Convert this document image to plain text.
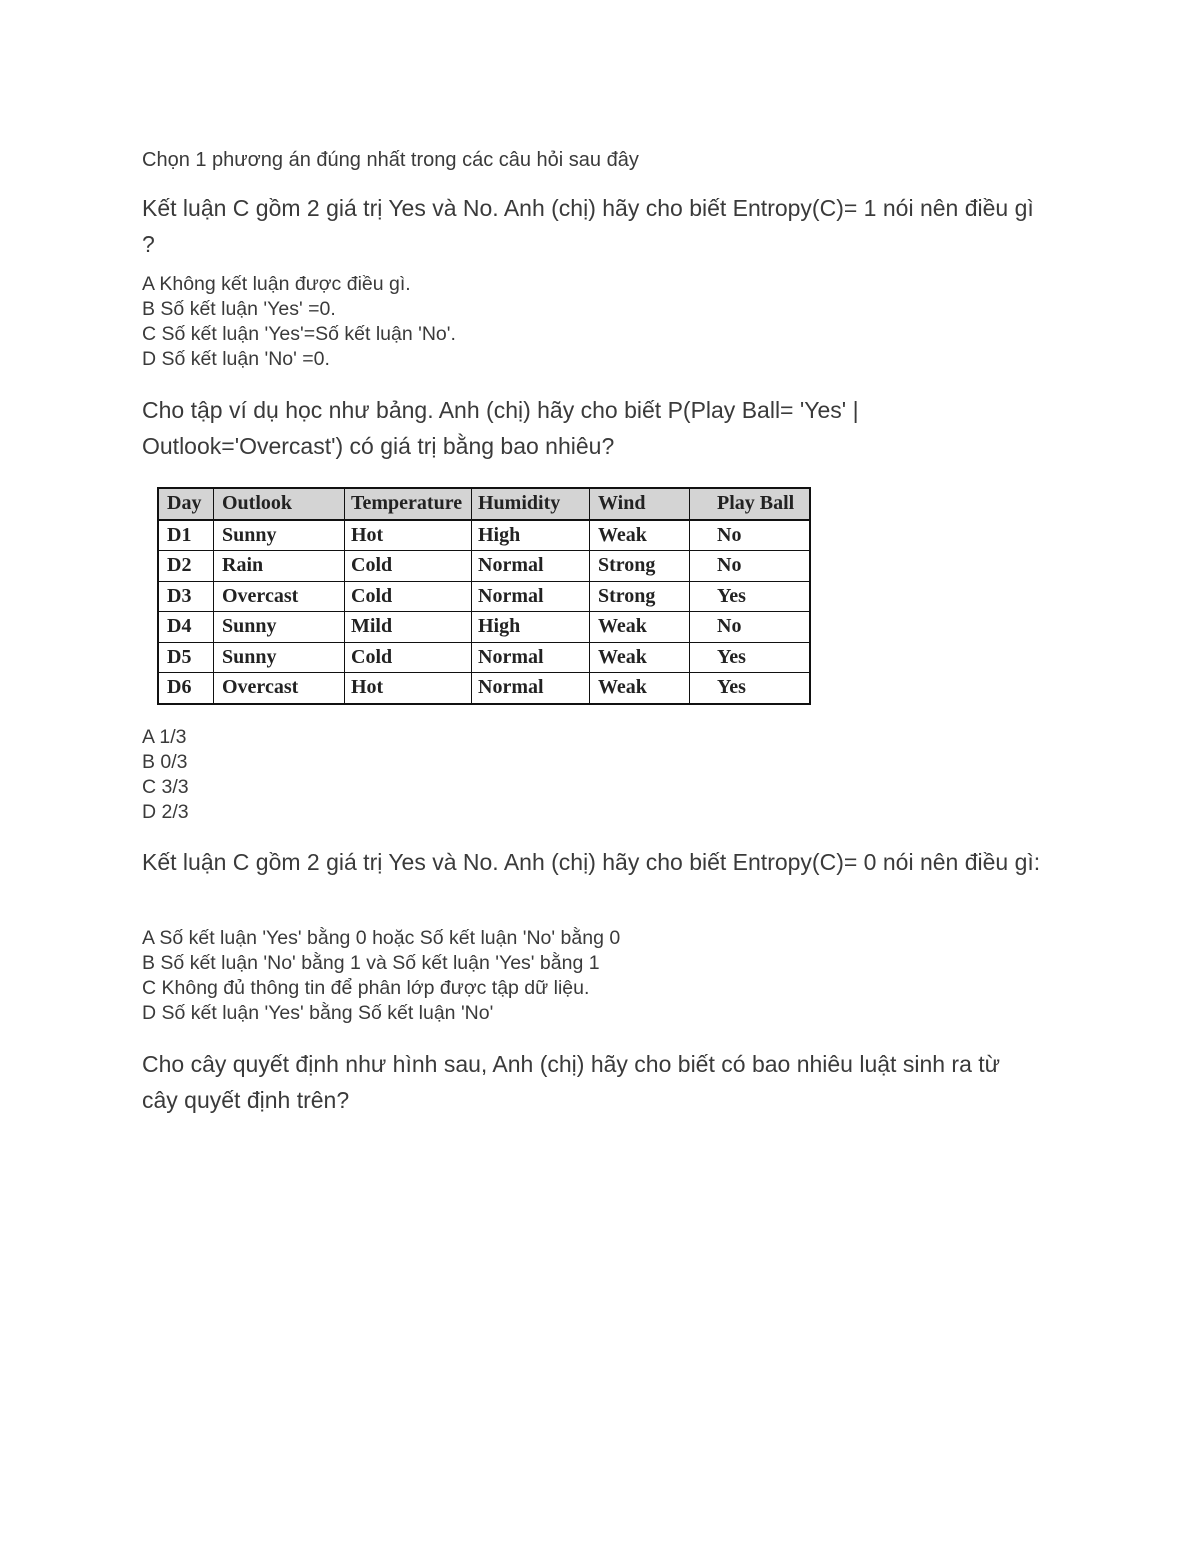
Chọn 1 phương án đúng nhất trong các câu hỏi sau đây

Kết luận C gồm 2 giá trị Yes và No. Anh (chị) hãy cho biết Entropy(C)= 1 nói nên điều gì ?

A Không kết luận được điều gì.
B Số kết luận 'Yes' =0.
C Số kết luận 'Yes'=Số kết luận 'No'.
D Số kết luận 'No' =0.

Cho tập ví dụ học như bảng. Anh (chị) hãy cho biết P(Play Ball= 'Yes' | Outlook='Overcast') có giá trị bằng bao nhiêu?

Day	Outlook	Temperature	Humidity	Wind	Play Ball
D1	Sunny	Hot	High	Weak	No
D2	Rain	Cold	Normal	Strong	No
D3	Overcast	Cold	Normal	Strong	Yes
D4	Sunny	Mild	High	Weak	No
D5	Sunny	Cold	Normal	Weak	Yes
D6	Overcast	Hot	Normal	Weak	Yes
A 1/3
B 0/3
C 3/3
D 2/3

Kết luận C gồm 2 giá trị Yes và No. Anh (chị) hãy cho biết Entropy(C)= 0 nói nên điều gì:

A Số kết luận 'Yes' bằng 0 hoặc Số kết luận 'No' bằng 0
B Số kết luận 'No' bằng 1 và Số kết luận 'Yes' bằng 1
C Không đủ thông tin để phân lớp được tập dữ liệu.
D Số kết luận 'Yes' bằng Số kết luận 'No'

Cho cây quyết định như hình sau, Anh (chị) hãy cho biết có bao nhiêu luật sinh ra từ cây quyết định trên?
